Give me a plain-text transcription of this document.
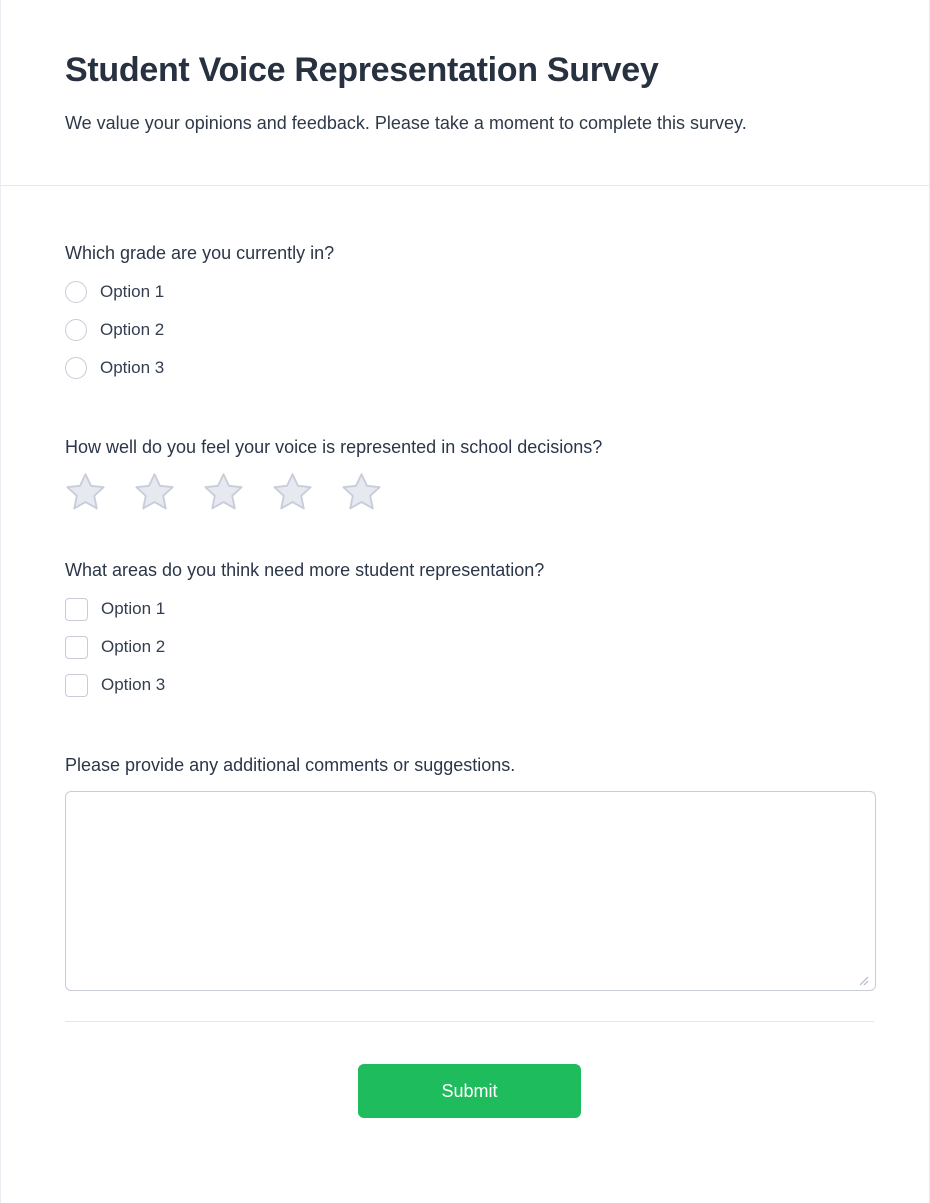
Student Voice Representation Survey
We value your opinions and feedback. Please take a moment to complete this survey.
Which grade are you currently in?
Option 1
Option 2
Option 3
How well do you feel your voice is represented in school decisions?
What areas do you think need more student representation?
Option 1
Option 2
Option 3
Please provide any additional comments or suggestions.
Submit
